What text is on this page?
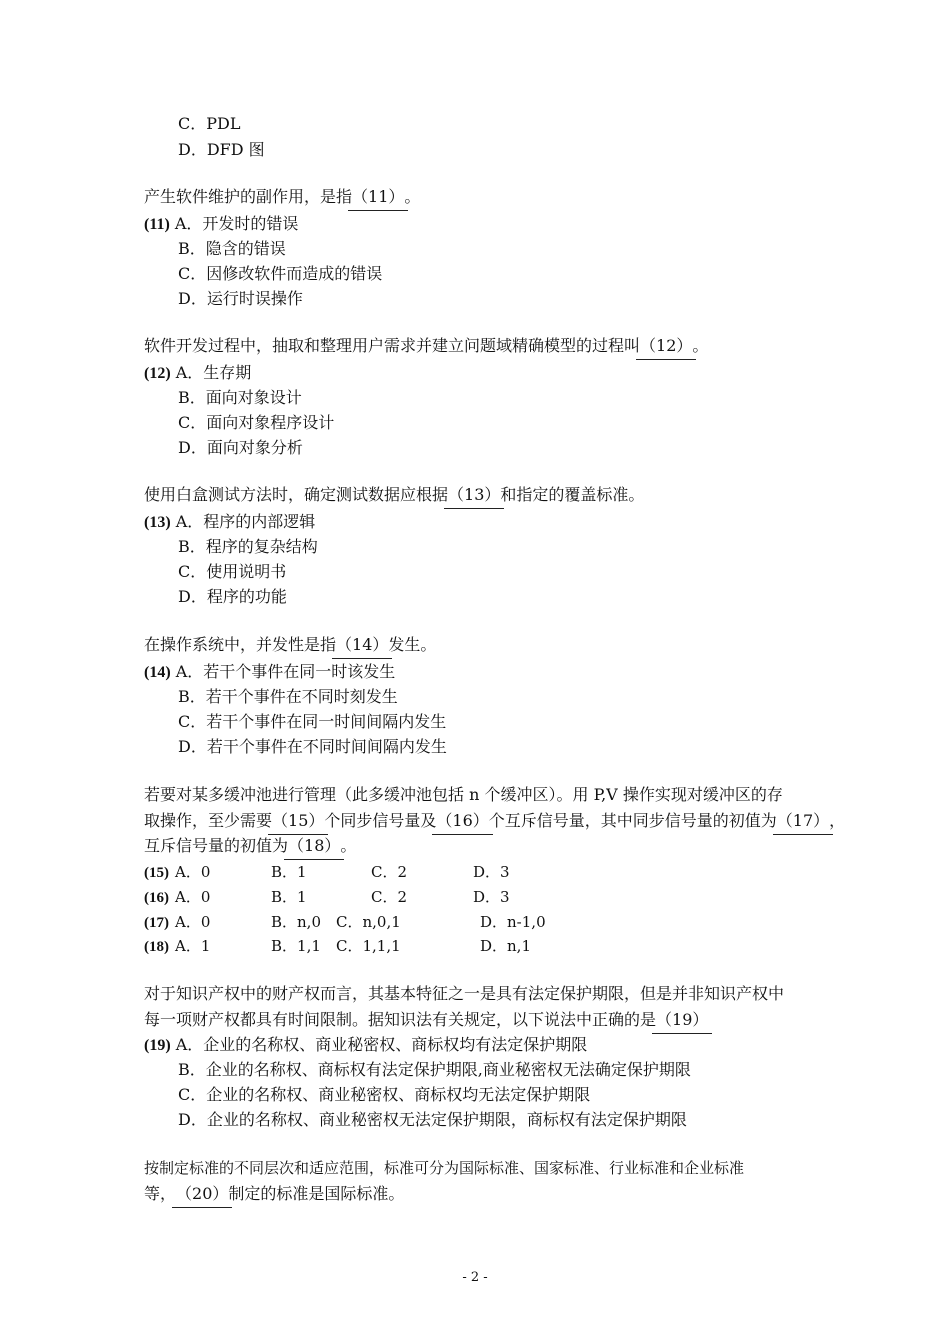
C．PDL
D．DFD 图
产生软件维护的副作用，是指（11）。
(11) A．开发时的错误
B．隐含的错误
C．因修改软件而造成的错误
D．运行时误操作
软件开发过程中，抽取和整理用户需求并建立问题域精确模型的过程叫（12）。
(12) A．生存期
B．面向对象设计
C．面向对象程序设计
D．面向对象分析
使用白盒测试方法时，确定测试数据应根据（13）和指定的覆盖标准。
(13) A．程序的内部逻辑
B．程序的复杂结构
C．使用说明书
D．程序的功能
在操作系统中，并发性是指（14）发生。
(14) A．若干个事件在同一时该发生
B．若干个事件在不同时刻发生
C．若干个事件在同一时间间隔内发生
D．若干个事件在不同时间间隔内发生
若要对某多缓冲池进行管理（此多缓冲池包括 n 个缓冲区）。用 P,V 操作实现对缓冲区的存
取操作，至少需要（15）个同步信号量及（16）个互斥信号量，其中同步信号量的初值为（17），
互斥信号量的初值为（18）。
(15) A．0	B．1	C．2	D．3
(16) A．0	B．1	C．2	D．3
(17) A．0	B．n,0 C．n,0,1	D．n-1,0
(18) A．1	B．1,1 C．1,1,1	D．n,1
对于知识产权中的财产权而言，其基本特征之一是具有法定保护期限，但是并非知识产权中
每一项财产权都具有时间限制。据知识法有关规定，以下说法中正确的是（19）
(19) A．企业的名称权、商业秘密权、商标权均有法定保护期限
B．企业的名称权、商标权有法定保护期限,商业秘密权无法确定保护期限
C．企业的名称权、商业秘密权、商标权均无法定保护期限
D．企业的名称权、商业秘密权无法定保护期限，商标权有法定保护期限
按制定标准的不同层次和适应范围，标准可分为国际标准、国家标准、行业标准和企业标准
等，（20）制定的标准是国际标准。
- 2 -
